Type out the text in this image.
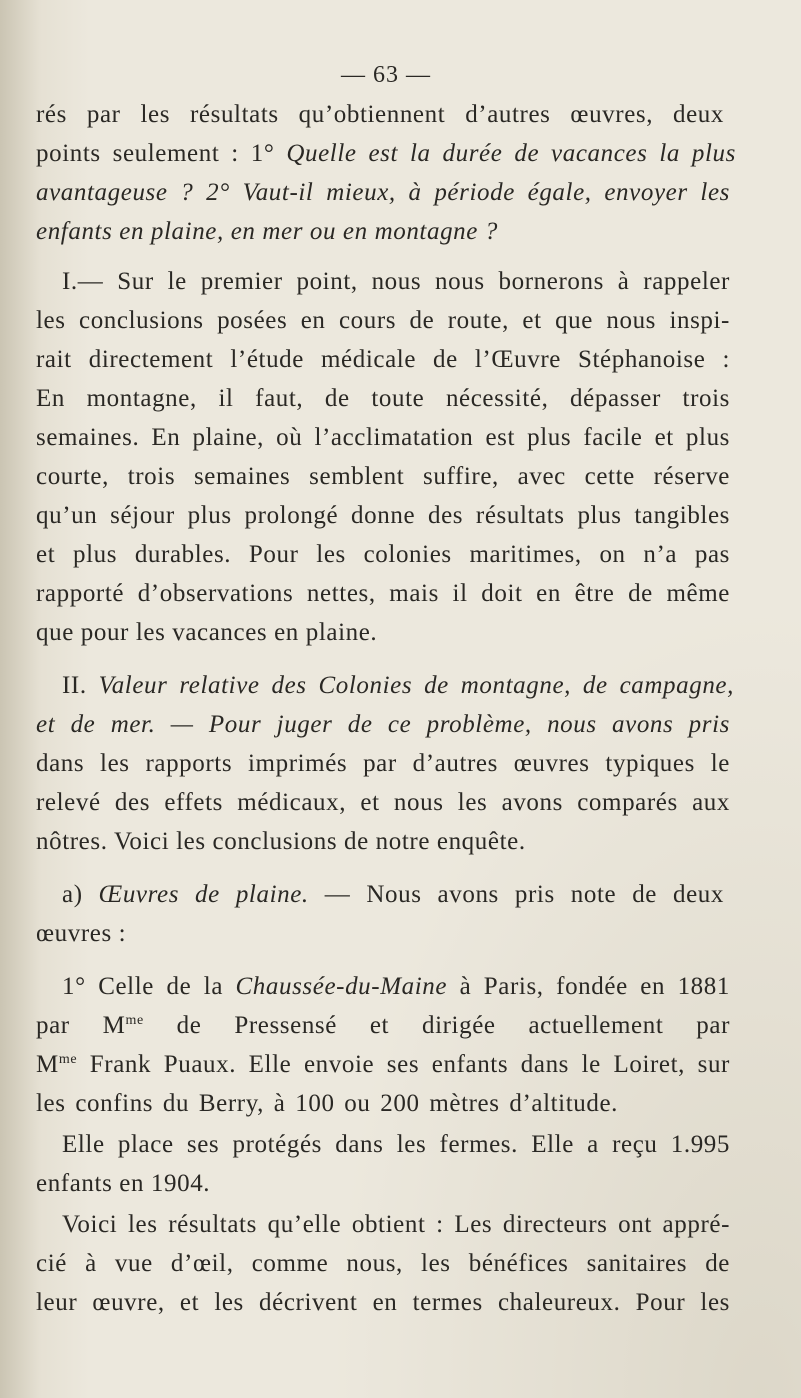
— 63 —
rés par les résultats qu’obtiennent d’autres œuvres, deux
points seulement : 1° Quelle est la durée de vacances la plus
avantageuse ? 2° Vaut-il mieux, à période égale, envoyer les
enfants en plaine, en mer ou en montagne ?
I.— Sur le premier point, nous nous bornerons à rappeler
les conclusions posées en cours de route, et que nous inspi-
rait directement l’étude médicale de l’Œuvre Stéphanoise :
En montagne, il faut, de toute nécessité, dépasser trois
semaines. En plaine, où l’acclimatation est plus facile et plus
courte, trois semaines semblent suffire, avec cette réserve
qu’un séjour plus prolongé donne des résultats plus tangibles
et plus durables. Pour les colonies maritimes, on n’a pas
rapporté d’observations nettes, mais il doit en être de même
que pour les vacances en plaine.
II. Valeur relative des Colonies de montagne, de campagne,
et de mer. — Pour juger de ce problème, nous avons pris
dans les rapports imprimés par d’autres œuvres typiques le
relevé des effets médicaux, et nous les avons comparés aux
nôtres. Voici les conclusions de notre enquête.
a) Œuvres de plaine. — Nous avons pris note de deux
œuvres :
1° Celle de la Chaussée-du-Maine à Paris, fondée en 1881
par $M^{me}$ de Pressensé et dirigée actuellement par
$M^{me}$ Frank Puaux. Elle envoie ses enfants dans le Loiret, sur
les confins du Berry, à 100 ou 200 mètres d’altitude.
Elle place ses protégés dans les fermes. Elle a reçu 1.995
enfants en 1904.
Voici les résultats qu’elle obtient : Les directeurs ont appré-
cié à vue d’œil, comme nous, les bénéfices sanitaires de
leur œuvre, et les décrivent en termes chaleureux. Pour les
